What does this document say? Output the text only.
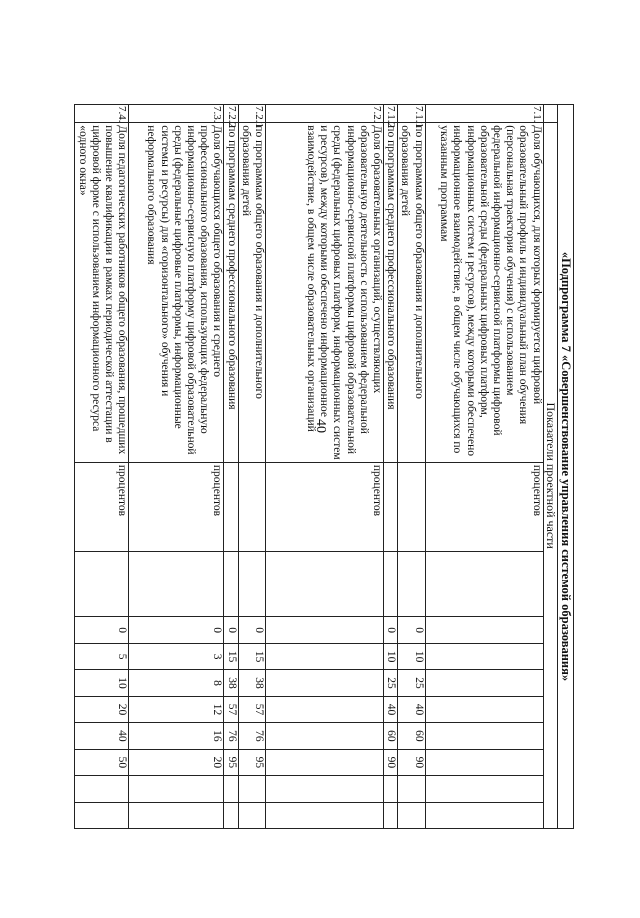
40	«Подпрограмма 7 «Совершенствование управления системой образования»											
	Показатели проектной части										
7.1.	Доля обучающихся, для которых формируется цифровой образовательный профиль и индивидуальный план обучения (персональная траектория обучения) с использованием федеральной информационно-сервисной платформы цифровой образовательной среды (федеральных цифровых платформ, информационных систем и ресурсов), между которыми обеспечено информационное взаимодействие, в общем числе обучающихся по указанным программам	процентов									
7.1.1	по программам общего образования и дополнительного образования детей			0	10	25	40	60	90		
7.1.2	по программам среднего профессионального образования			0	10	25	40	60	90		
7.2.	Доля образовательных организаций, осуществляющих образовательную деятельность с использованием федеральной информационно-сервисной платформы цифровой образовательной среды (федеральных цифровых платформ, информационных систем и ресурсов), между которыми обеспечено информационное взаимодействие, в общем числе образовательных организаций	процентов									
7.2.1	по программам общего образования и дополнительного образования детей			0	15	38	57	76	95		
7.2.2	по программам среднего профессионального образования			0	15	38	57	76	95		
7.3.	Доля обучающихся общего образования и среднего профессионального образования, использующих федеральную информационно-сервисную платформу цифровой образовательной среды (федеральные цифровые платформы, информационные системы и ресурсы) для «горизонтального» обучения и неформального образования	процентов		0	3	8	12	16	20		
7.4.	Доля педагогических работников общего образования, прошедших повышение квалификации в рамках периодической аттестации в цифровой форме с использованием информационного ресурса «одного окна»	процентов		0	5	10	20	40	50		
